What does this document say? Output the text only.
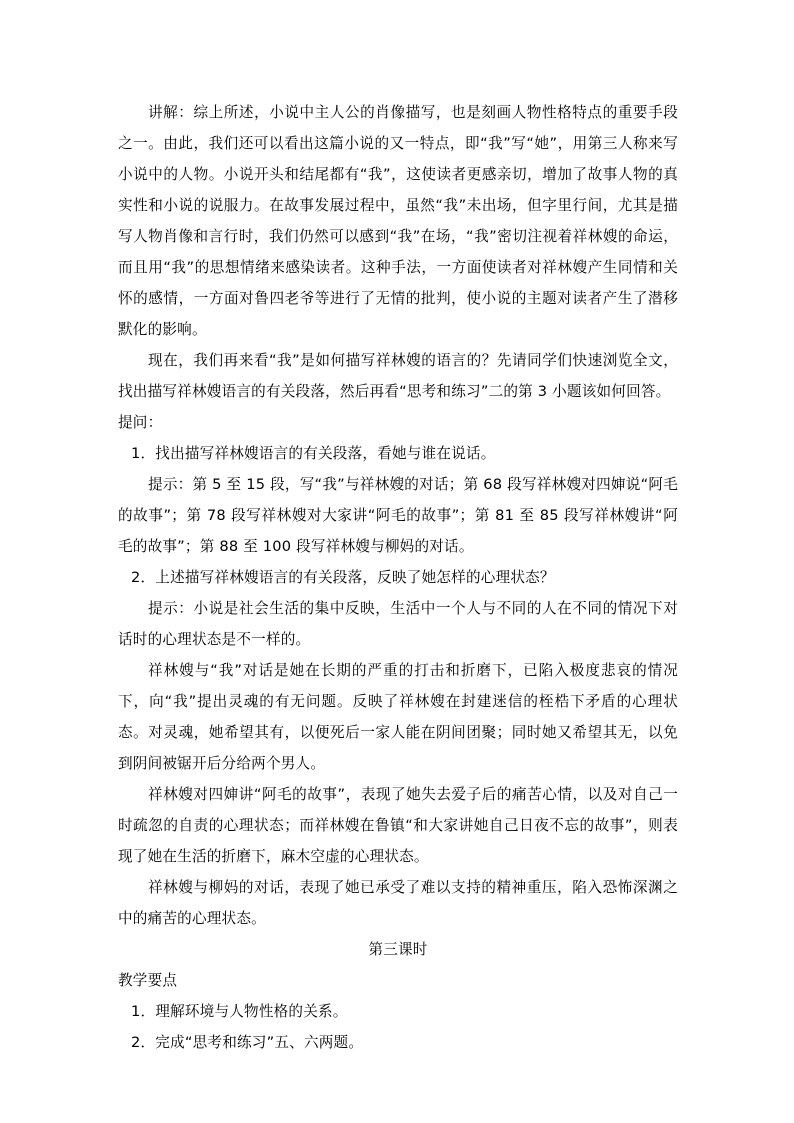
讲解：综上所述，小说中主人公的肖像描写，也是刻画人物性格特点的重要手段之一。由此，我们还可以看出这篇小说的又一特点，即“我”写“她”，用第三人称来写小说中的人物。小说开头和结尾都有“我”，这使读者更感亲切，增加了故事人物的真实性和小说的说服力。在故事发展过程中，虽然“我”未出场，但字里行间，尤其是描写人物肖像和言行时，我们仍然可以感到“我”在场，“我”密切注视着祥林嫂的命运，而且用“我”的思想情绪来感染读者。这种手法，一方面使读者对祥林嫂产生同情和关怀的感情，一方面对鲁四老爷等进行了无情的批判，使小说的主题对读者产生了潜移默化的影响。

现在，我们再来看“我”是如何描写祥林嫂的语言的？先请同学们快速浏览全文，找出描写祥林嫂语言的有关段落，然后再看“思考和练习”二的第 3 小题该如何回答。

提问：

1．找出描写祥林嫂语言的有关段落，看她与谁在说话。

提示：第 5 至 15 段，写“我”与祥林嫂的对话；第 68 段写祥林嫂对四婶说“阿毛的故事”；第 78 段写祥林嫂对大家讲“阿毛的故事”；第 81 至 85 段写祥林嫂讲“阿毛的故事”；第 88 至 100 段写祥林嫂与柳妈的对话。

2．上述描写祥林嫂语言的有关段落，反映了她怎样的心理状态？

提示：小说是社会生活的集中反映，生活中一个人与不同的人在不同的情况下对话时的心理状态是不一样的。

祥林嫂与“我”对话是她在长期的严重的打击和折磨下，已陷入极度悲哀的情况下，向“我”提出灵魂的有无问题。反映了祥林嫂在封建迷信的桎梏下矛盾的心理状态。对灵魂，她希望其有，以便死后一家人能在阴间团聚；同时她又希望其无，以免到阴间被锯开后分给两个男人。

祥林嫂对四婶讲“阿毛的故事”，表现了她失去爱子后的痛苦心情，以及对自己一时疏忽的自责的心理状态；而祥林嫂在鲁镇“和大家讲她自己日夜不忘的故事”，则表现了她在生活的折磨下，麻木空虚的心理状态。

祥林嫂与柳妈的对话，表现了她已承受了难以支持的精神重压，陷入恐怖深渊之中的痛苦的心理状态。

第三课时

教学要点

1．理解环境与人物性格的关系。

2．完成“思考和练习”五、六两题。
